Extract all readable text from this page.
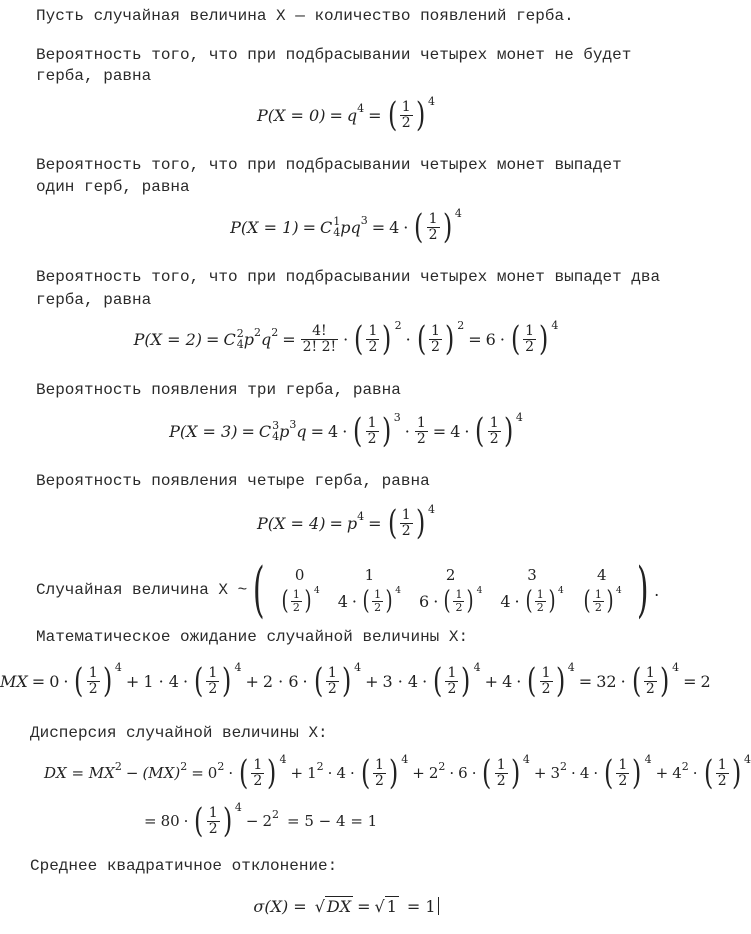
Пусть случайная величина X — количество появлений герба.
Вероятность того, что при подбрасывании четырех монет не будет
герба, равна
P(X = 0) = q 4 = ( $\frac{1}{2}$ ) 4
Вероятность того, что при подбрасывании четырех монет выпадет
один герб, равна
P(X = 1) = C 1
4 pq 3 = 4 · ( $\frac{1}{2}$ ) 4
Вероятность того, что при подбрасывании четырех монет выпадет два
герба, равна
P(X = 2) = C 2
4 p 2 q $2 = \frac{4!}{2! 2!}$ · ( $\frac{1}{2}$ ) 2
· ( $\frac{1}{2}$ ) 2
= 6 · ( $\frac{1}{2}$ ) 4
Вероятность появления три герба, равна
P(X = 3) = C 3
4 p 3 q = 4 · ( $\frac{1}{2}$ ) 3
· $\frac{1}{2} = 4$ · ( $\frac{1}{2}$ ) 4
Вероятность появления четыре герба, равна
P(X = 4) = p 4 = ( $\frac{1}{2}$ ) 4
Случайная величина X ~ ( 0
( $\frac{1}{2}$ ) 4
1
4 · ( $\frac{1}{2}$ ) 4
2
6 · ( $\frac{1}{2}$ ) 4
3
4 · ( $\frac{1}{2}$ ) 4
4
( $\frac{1}{2}$ ) 4 ) .
Математическое ожидание случайной величины X:
MX = 0 · ( $\frac{1}{2}$ ) 4
+ 1 · 4 · ( $\frac{1}{2}$ ) 4
+ 2 · 6 · ( $\frac{1}{2}$ ) 4
+ 3 · 4 · ( $\frac{1}{2}$ ) 4
+ 4 · ( $\frac{1}{2}$ ) 4
= 32 · ( $\frac{1}{2}$ ) 4
= 2
Дисперсия случайной величины X:
DX = MX 2 − (MX) 2 = 0 2 · ( $\frac{1}{2}$ ) 4
+ 1 2 · 4 · ( $\frac{1}{2}$ ) 4
+ 2 2 · 6 · ( $\frac{1}{2}$ ) 4
+ 3 2 · 4 · ( $\frac{1}{2}$ ) 4
+ 4 2 · ( $\frac{1}{2}$ ) 4
= 80 · ( $\frac{1}{2}$ ) 4
− 2 2 = 5 − 4 = 1
Среднее квадратичное отклонение:
σ(X) = √ DX = √ 1 = 1
